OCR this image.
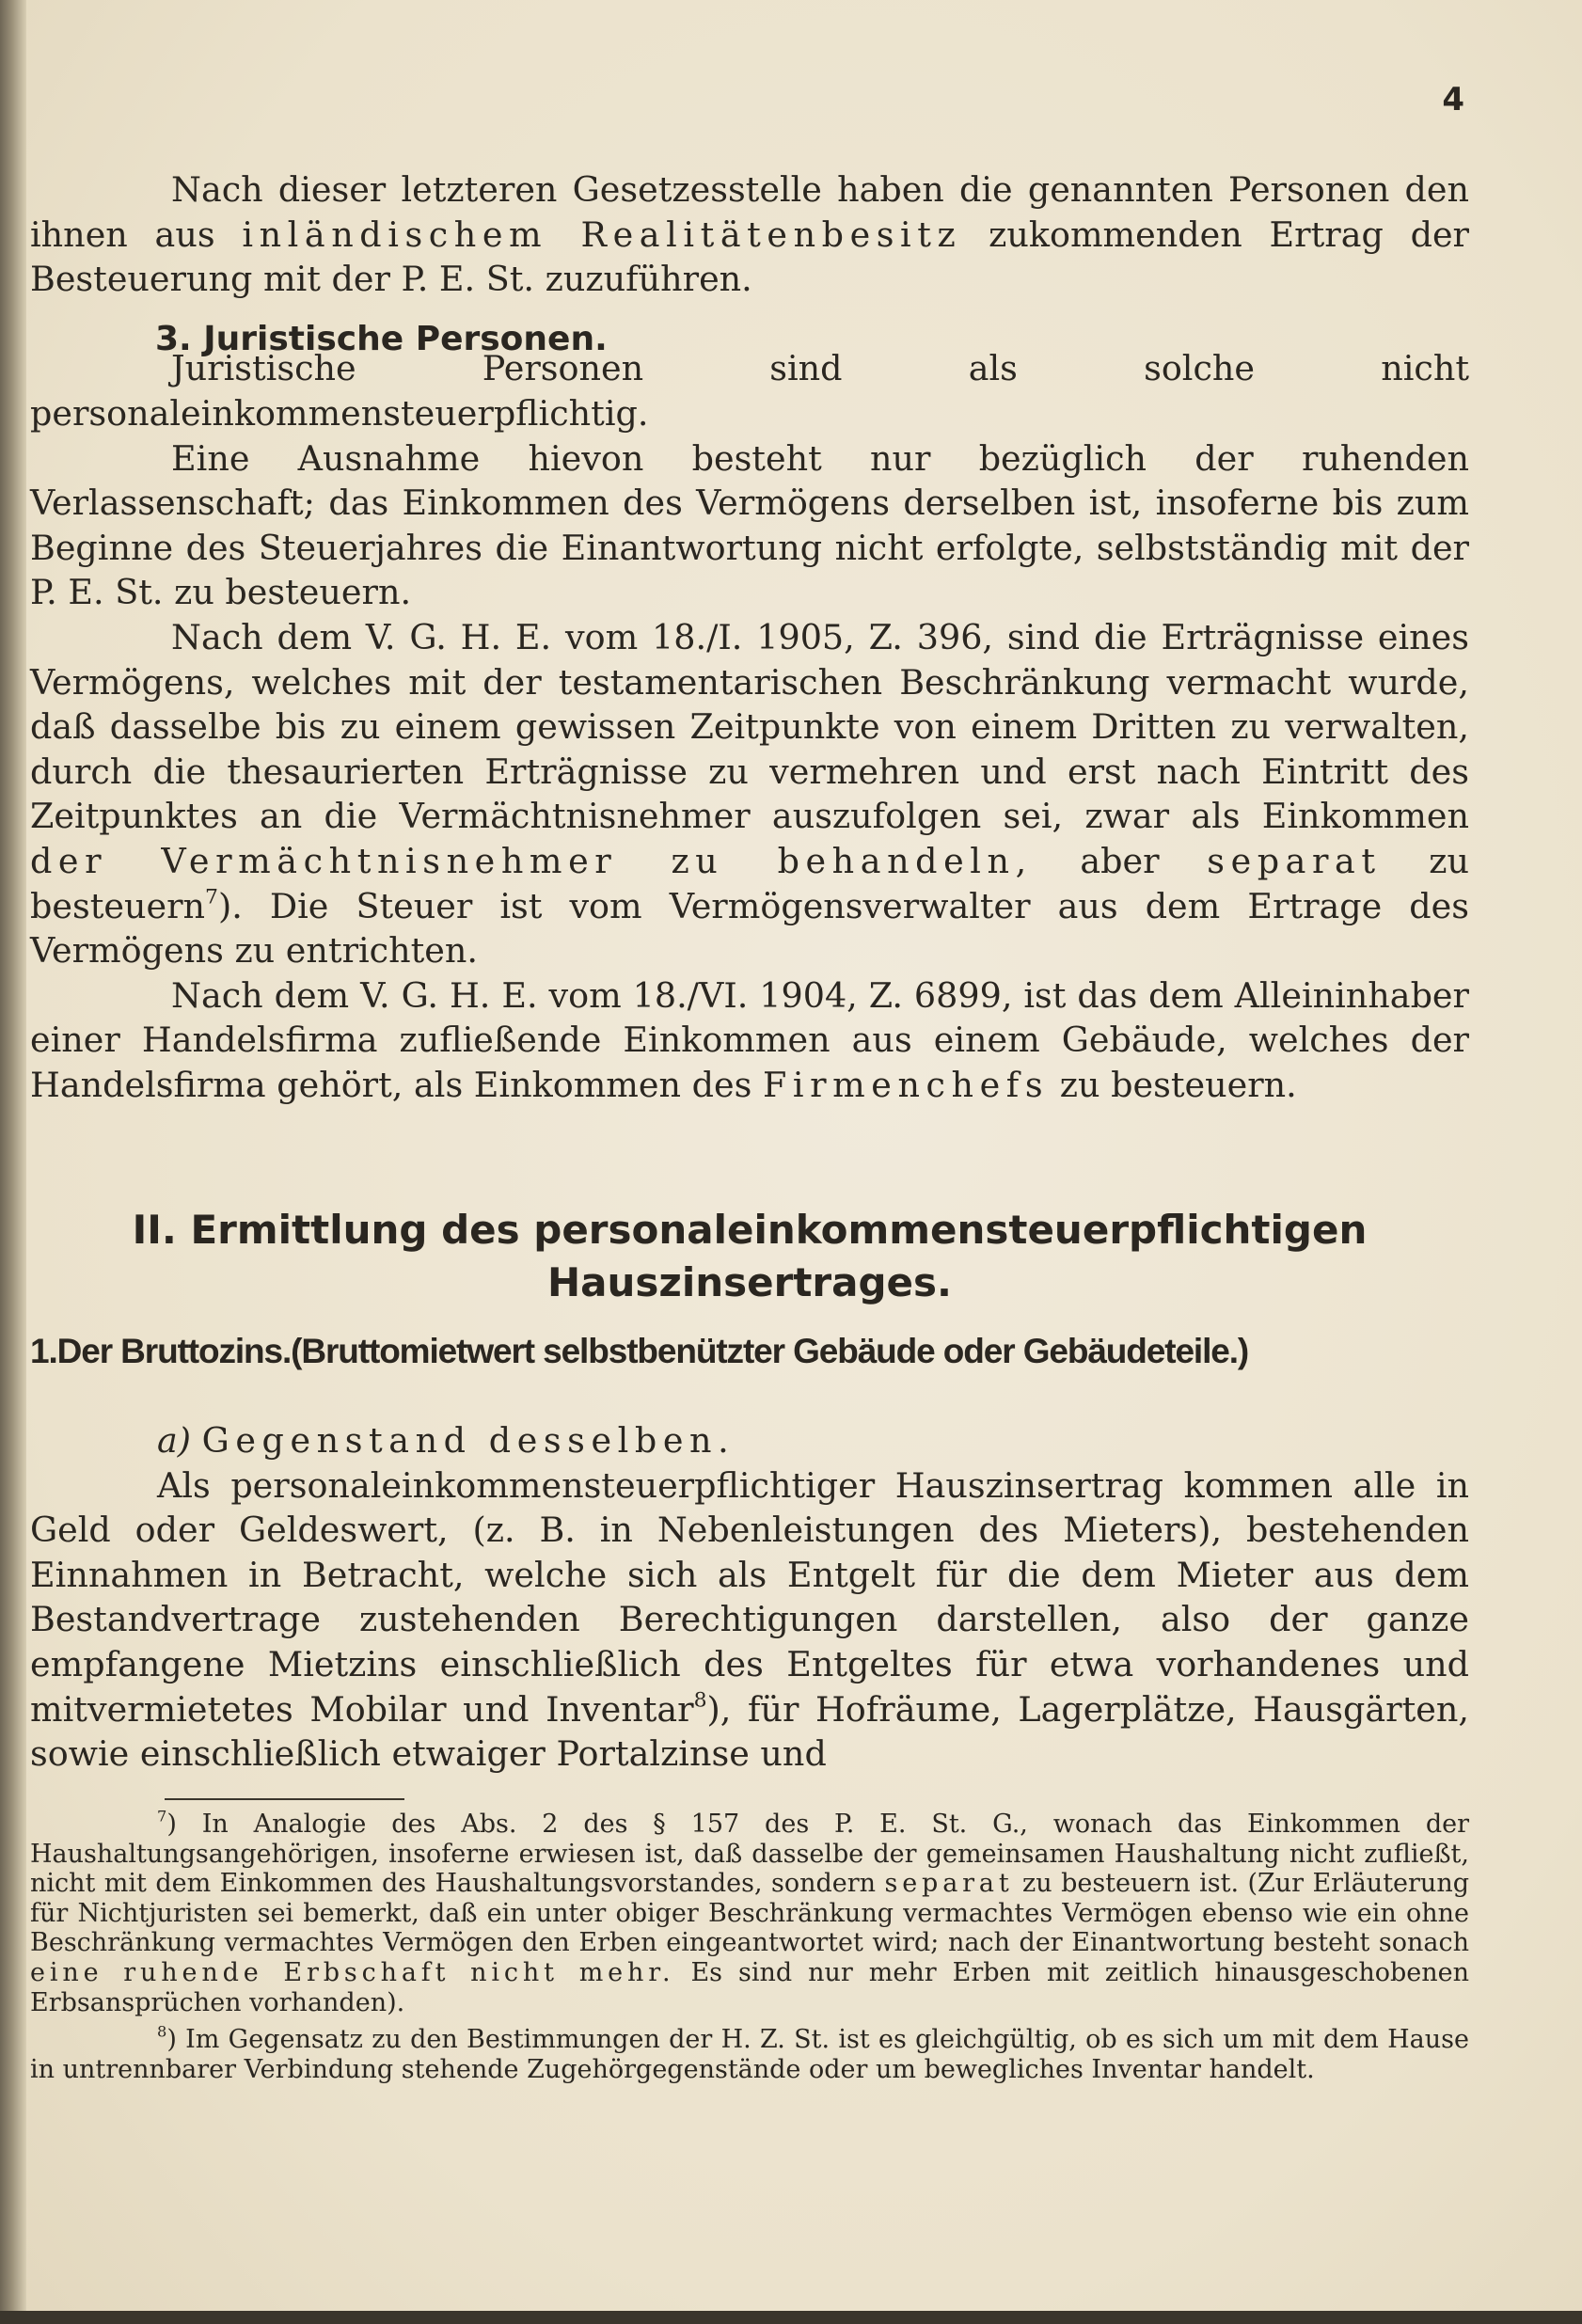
4

Nach dieser letzteren Gesetzesstelle haben die genannten Personen den ihnen aus inländischem Realitätenbesitz zukommenden Ertrag der Besteuerung mit der P. E. St. zuzuführen.

Juristische Personen sind als solche nicht personaleinkommensteuerpflichtig.

Eine Ausnahme hievon besteht nur bezüglich der ruhenden Verlassenschaft; das Einkommen des Vermögens derselben ist, insoferne bis zum Beginne des Steuerjahres die Einantwortung nicht erfolgte, selbstständig mit der P. E. St. zu besteuern.

Nach dem V. G. H. E. vom 18./I. 1905, Z. 396, sind die Erträgnisse eines Vermögens, welches mit der testamentarischen Beschränkung vermacht wurde, daß dasselbe bis zu einem gewissen Zeitpunkte von einem Dritten zu verwalten, durch die thesaurierten Erträgnisse zu vermehren und erst nach Eintritt des Zeitpunktes an die Vermächtnisnehmer auszufolgen sei, zwar als Einkommen der Vermächtnisnehmer zu behandeln, aber separat zu besteuern$^7$). Die Steuer ist vom Vermögensverwalter aus dem Ertrage des Vermögens zu entrichten.

Nach dem V. G. H. E. vom 18./VI. 1904, Z. 6899, ist das dem Alleininhaber einer Handelsfirma zufließende Einkommen aus einem Gebäude, welches der Handelsfirma gehört, als Einkommen des Firmenchefs zu besteuern.

3. Juristische Personen.
II. Ermittlung des personaleinkommensteuerpflichtigen Hauszinsertrages.
1.Der Bruttozins.(Bruttomietwert selbstbenützter Gebäude oder Gebäudeteile.)

a) Gegenstand desselben.

Als personaleinkommensteuerpflichtiger Hauszinsertrag kommen alle in Geld oder Geldeswert, (z. B. in Nebenleistungen des Mieters), bestehenden Einnahmen in Betracht, welche sich als Entgelt für die dem Mieter aus dem Bestandvertrage zustehenden Berechtigungen darstellen, also der ganze empfangene Mietzins einschließlich des Entgeltes für etwa vorhandenes und mitvermietetes Mobilar und Inventar$^8$), für Hofräume, Lagerplätze, Hausgärten, sowie einschließlich etwaiger Portalzinse und

$^7$) In Analogie des Abs. 2 des § 157 des P. E. St. G., wonach das Einkommen der Haushaltungsangehörigen, insoferne erwiesen ist, daß dasselbe der gemeinsamen Haushaltung nicht zufließt, nicht mit dem Einkommen des Haushaltungsvorstandes, sondern separat zu besteuern ist. (Zur Erläuterung für Nichtjuristen sei bemerkt, daß ein unter obiger Beschränkung vermachtes Vermögen ebenso wie ein ohne Beschränkung vermachtes Vermögen den Erben eingeantwortet wird; nach der Einantwortung besteht sonach eine ruhende Erbschaft nicht mehr. Es sind nur mehr Erben mit zeitlich hinausgeschobenen Erbsansprüchen vorhanden).

$^8$) Im Gegensatz zu den Bestimmungen der H. Z. St. ist es gleichgültig, ob es sich um mit dem Hause in untrennbarer Verbindung stehende Zugehörgegenstände oder um bewegliches Inventar handelt.
